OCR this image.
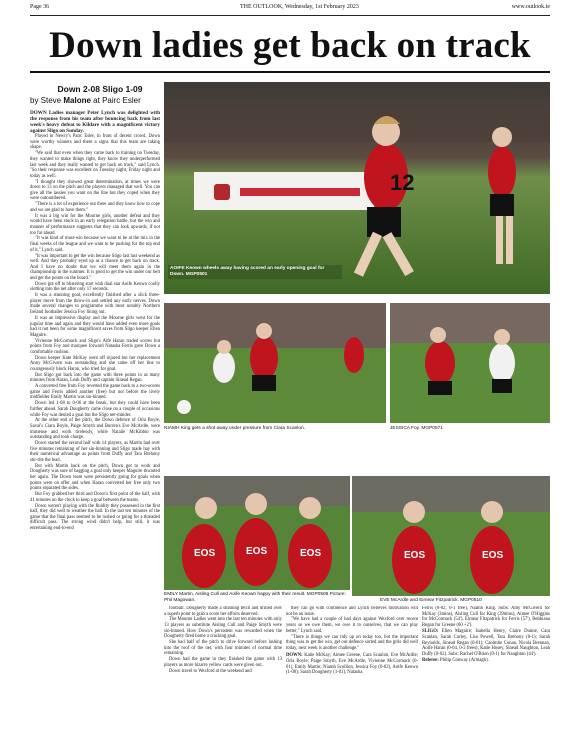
Page 36	THE OUTLOOK, Wednesday, 1st February 2023	www.outlook.ie
Down ladies get back on track
Down 2-08 Sligo 1-09
by Steve Malone at Pairc Esler

DOWN Ladies manager Peter Lynch was delighted with the response from his team after bouncing back from last week's heavy defeat to Kildare with a magnificent victory against Sligo on Sunday.

Played in Newry's Pairc Esler, in front of decent crowd, Down were worthy winners and there a signs that this team are taking shape.

"We said that even when they came back to training on Tuesday, they wanted to make things right, they know they underperformed last week and they really wanted to get back on track," said Lynch. "So their response was excellent on Tuesday night, Friday night and today as well.

"I thought they showed great determination, at times we were down to 13 on the pitch and the players managed that well. You can give all the lassies you want on the line but they coped when they were outnumbered.

"There is a lot of experience out there and they know how to cope and we are glad to have them."

It was a big win for the Mourne girls, another defeat and they would have been stuck in an early relegation battle, but the win and manner of performance suggests that they can look upwards, if not too far ahead.

"It was kind of must-win because we want to be at the mix in the final weeks of the league and we want to be pushing for the top end of it," Lynch said.

"It was important to get the win because Sligo last last weekend as well. And they probably eyed up as a chance to get back on track. And I have no doubt that we will meet them again in the championship in the summer. It is good to get the win under our belt and get the points on the board."

Down got off to blistering start with dual star Aoife Keown coolly slotting into the net after only 17 seconds.

It was a stunning goal, excellently finished after a slick three-player move from the throw-in and settled any early nerves. Down made several changes to programme with most notably Northern Ireland footballer Jessica Foy lining out.

It was an impressive display and the Mourne girls went for the jugular time and again and they would have added even more goals had it not been for some magnificent saves from Sligo keeper Ellen Maguire.

Vivienne McCormack and Sligo's Aife Haran traded scores but points from Foy and marquee forward Natasha Ferris gave Down a comfortable cushion.

Down keeper Kate McKay went off injured but her replacement Anny McGivern was outstanding and she came off her line to courageously block Haran, who tried for goal.

But Sligo got back into the game with three points in as many minutes from Haran, Leah Duffy and captain Sinead Regan.

A converted free from Foy reverted the game back to a two-scores game and Ferris added another (free) but not before the lively midfielder Emily Martin was sin-binned.

Down led 1-08 to 0-06 at the break, but they could have been further ahead. Sarah Dougherty came close on a couple of occasions while Foy was denied a goal but the Sligo net-minder.

At the other end of the pitch, the Down defence of Orla Boyle, Savaí's Ciara Boyle, Paige Smyth and Burren's Eve McArdle, were immense and work tirelessly, while Natalie McKibbin was outstanding and took charge.

Down started the second half with 14 players, as Martin had over five minutes remaining of her sin-binning and Sligo made hay with their numerical advantage as points from Duffy and Tara Brehony stir-rite the lead.

But with Martin back on the pitch, Down got to work and Dougherty was sure of bagging a goal only keeper Maguire thwarted her again. The Down team were persistently going for goals when points were on offer and when Haran converted her free only two points separated the sides.

But Foy grabbed her third and Down's first point of the half, with 41 minutes on the clock to keep a goal between the teams.

Down weren't playing with the fluidity they possessed in the first half, they did well to weather the ball. In the last ten minutes of the game that the final pass seemed to be rushed or going for a threaded difficult pass. The strong wind didn't help, but still, it was entertaining end-to-end

12
AOIFE Keown wheels away having scored an early opening goal for Down. MGP0501
NIAMH King gets a shot away under pressure from Ciara Scanlon.	JESSICA Foy. MGP0571
EOS	EOS	EOS
EMILY Martin, Aisling Cull and Aoife Keown happy with their result. MGP0506 Picture: Phil Magowan.
EOS	EOS
EVE McArdle and Eimear Fitzpatrick. MGP0510

football. Dougherty made a stunning fetch and drilled over a superb point to grab a score her efforts deserved.

The Mourne Ladies went into the last ten minutes with only 13 players as substitute Aisling Cull and Paige Smyth were sin-binned. How Down's persistent was rewarded when the Dougherty fired home a cracking goal.

She had half of the pitch to drive forward before lashing into the roof of the net, with four minutes of normal time remaining.

Down had the game in they finished the game with 13 players as more bizarre yellow cards were given out.

Down travel to Wexford at the weekend and

they can go with confidence and Lynch believes motivation will not be an issue.

"We have had a couple of bad days against Wexford over recent years so we owe them, we owe it to ourselves, that we can play better," Lynch said.

"There is things we can tidy up on today too, but the important thing was to get the win, get our defence sorted and the girls did well today, next week is another challenge."

DOWN: Katie McKay; Aimee Greene, Cara Scanlon, Eve McArdle; Orla Boyle; Paige Smyth, Eve McArdle, Vivienne McCormack (0-01), Emily Martin; Niamh Scullion, Jessica Foy (0-02), Aoife Keown (1-00); Sarah Dougherty (1-01), Natasha

Ferris (0-02, 0-1 free), Niamh King. Subs: Amy McGivern for McKay (3mins), Aisling Cull for King (39mins), Aimee O'Higgins for McCormack (54'), Eimear Fitzpatrick for Ferris (57'), Bebhiana Regan for Greene (60 +2').

SLIGO: Ellen Maguire; Isabella Henry, Claire Dunne, Cara Scanlan, Sarah Curley, Lisa Powell, Tara Brehony (0-1); Sarah Reynolds, Sinead Regan (0-01); Caoimhe Conan, Nicola Brennan, Aoife Haran (0-04, 0-2 frees); Katie Hosey, Sinead Naughton, Leah Duffy (0-02). Subs: Rachel O'Brien (0-1) for Naughton (44').

Referee: Philip Conway (Armagh).
